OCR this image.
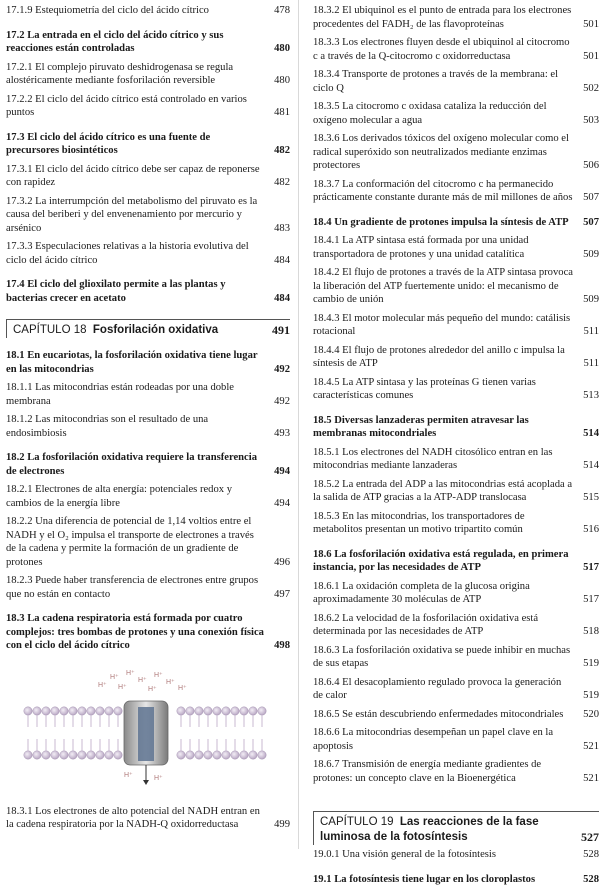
17.1.9 Estequiometría del ciclo del ácido cítrico	478
17.2 La entrada en el ciclo del ácido cítrico y sus reacciones están controladas	480
17.2.1 El complejo piruvato deshidrogenasa se regula alostéricamente mediante fosforilación reversible	480
17.2.2 El ciclo del ácido cítrico está controlado en varios puntos	481
17.3 El ciclo del ácido cítrico es una fuente de precursores biosintéticos	482
17.3.1 El ciclo del ácido cítrico debe ser capaz de reponerse con rapidez	482
17.3.2 La interrumpción del metabolismo del piruvato es la causa del beriberi y del envenenamiento por mercurio y arsénico	483
17.3.3 Especulaciones relativas a la historia evolutiva del ciclo del ácido cítrico	484
17.4 El ciclo del glioxilato permite a las plantas y bacterias crecer en acetato	484
CAPÍTULO 18 Fosforilación oxidativa	491
18.1 En eucariotas, la fosforilación oxidativa tiene lugar en las mitocondrias	492
18.1.1 Las mitocondrias están rodeadas por una doble membrana	492
18.1.2 Las mitocondrias son el resultado de una endosimbiosis	493
18.2 La fosforilación oxidativa requiere la transferencia de electrones	494
18.2.1 Electrones de alta energía: potenciales redox y cambios de la energía libre	494
18.2.2 Una diferencia de potencial de 1,14 voltios entre el NADH y el O₂ impulsa el transporte de electrones a través de la cadena y permite la formación de un gradiente de protones	496
18.2.3 Puede haber transferencia de electrones entre grupos que no están en contacto	497
18.3 La cadena respiratoria está formada por cuatro complejos: tres bombas de protones y una conexión física con el ciclo del ácido cítrico	498
H⁺
H⁺
H⁺
H⁺
H⁺
H⁺ H⁺	H⁺	H⁺
H⁺	H⁺
18.3.1 Los electrones de alto potencial del NADH entran en la cadena respiratoria por la NADH-Q oxidorreductasa	499
18.3.2 El ubiquinol es el punto de entrada para los electrones procedentes del FADH₂ de las flavoproteínas	501
18.3.3 Los electrones fluyen desde el ubiquinol al citocromo c a través de la Q-citocromo c oxidorreductasa	501
18.3.4 Transporte de protones a través de la membrana: el ciclo Q	502
18.3.5 La citocromo c oxidasa cataliza la reducción del oxígeno molecular a agua	503
18.3.6 Los derivados tóxicos del oxígeno molecular como el radical superóxido son neutralizados mediante enzimas protectores	506
18.3.7 La conformación del citocromo c ha permanecido prácticamente constante durante más de mil millones de años 507
18.4 Un gradiente de protones impulsa la síntesis de ATP 507
18.4.1 La ATP sintasa está formada por una unidad transportadora de protones y una unidad catalítica	509
18.4.2 El flujo de protones a través de la ATP sintasa provoca la liberación del ATP fuertemente unido: el mecanismo de cambio de unión	509
18.4.3 El motor molecular más pequeño del mundo: catálisis rotacional	511
18.4.4 El flujo de protones alrededor del anillo c impulsa la síntesis de ATP	511
18.4.5 La ATP sintasa y las proteínas G tienen varias características comunes	513
18.5 Diversas lanzaderas permiten atravesar las membranas mitocondriales	514
18.5.1 Los electrones del NADH citosólico entran en las mitocondrias mediante lanzaderas	514
18.5.2 La entrada del ADP a las mitocondrias está acoplada a la salida de ATP gracias a la ATP-ADP translocasa	515
18.5.3 En las mitocondrias, los transportadores de metabolitos presentan un motivo tripartito común	516
18.6 La fosforilación oxidativa está regulada, en primera instancia, por las necesidades de ATP	517
18.6.1 La oxidación completa de la glucosa origina aproximadamente 30 moléculas de ATP	517
18.6.2 La velocidad de la fosforilación oxidativa está determinada por las necesidades de ATP	518
18.6.3 La fosforilación oxidativa se puede inhibir en muchas de sus etapas	519
18.6.4 El desacoplamiento regulado provoca la generación de calor	519
18.6.5 Se están descubriendo enfermedades mitocondriales 520
18.6.6 La mitocondrias desempeñan un papel clave en la apoptosis	521
18.6.7 Transmisión de energía mediante gradientes de protones: un concepto clave en la Bioenergética	521
CAPÍTULO 19 Las reacciones de la fase luminosa de la fotosíntesis	527
19.0.1 Una visión general de la fotosíntesis	528
19.1 La fotosíntesis tiene lugar en los cloroplastos	528
